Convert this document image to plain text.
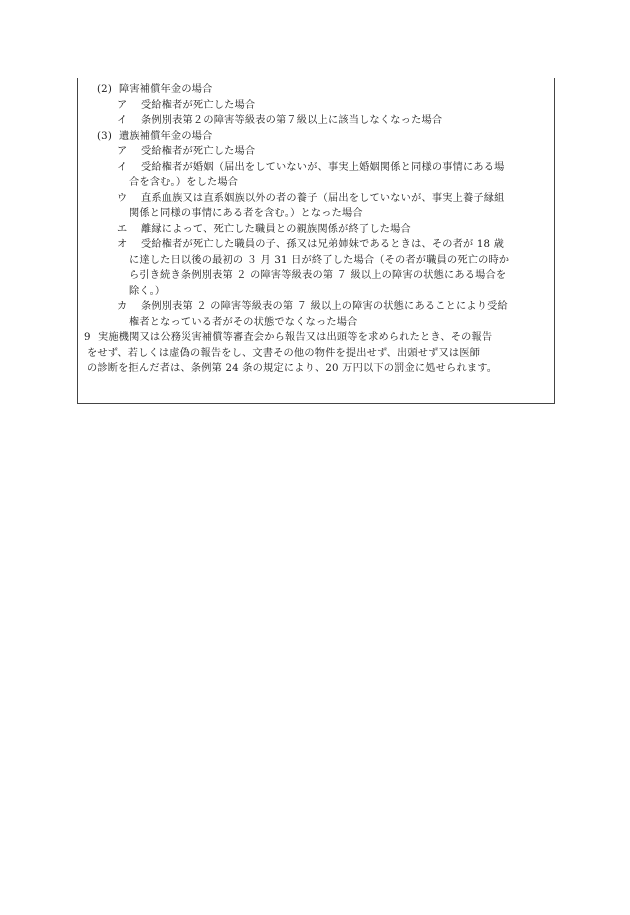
(2) 障害補償年金の場合
ア 受給権者が死亡した場合
イ 条例別表第２の障害等級表の第７級以上に該当しなくなった場合
(3) 遺族補償年金の場合
ア 受給権者が死亡した場合
イ 受給権者が婚姻（届出をしていないが、事実上婚姻関係と同様の事情にある場
合を含む。）をした場合
ウ 直系血族又は直系姻族以外の者の養子（届出をしていないが、事実上養子縁組
関係と同様の事情にある者を含む。）となった場合
エ 離縁によって、死亡した職員との親族関係が終了した場合
オ 受給権者が死亡した職員の子、孫又は兄弟姉妹であるときは、その者が 18 歳
に達した日以後の最初の ３ 月 31 日が終了した場合（その者が職員の死亡の時か
ら引き続き条例別表第 ２ の障害等級表の第 ７ 級以上の障害の状態にある場合を
除く。）
カ 条例別表第 ２ の障害等級表の第 ７ 級以上の障害の状態にあることにより受給
権者となっている者がその状態でなくなった場合
9 実施機関又は公務災害補償等審査会から報告又は出頭等を求められたとき、その報告
をせず、若しくは虚偽の報告をし、文書その他の物件を提出せず、出頭せず又は医師
の診断を拒んだ者は、条例第 24 条の規定により、20 万円以下の罰金に処せられます。
